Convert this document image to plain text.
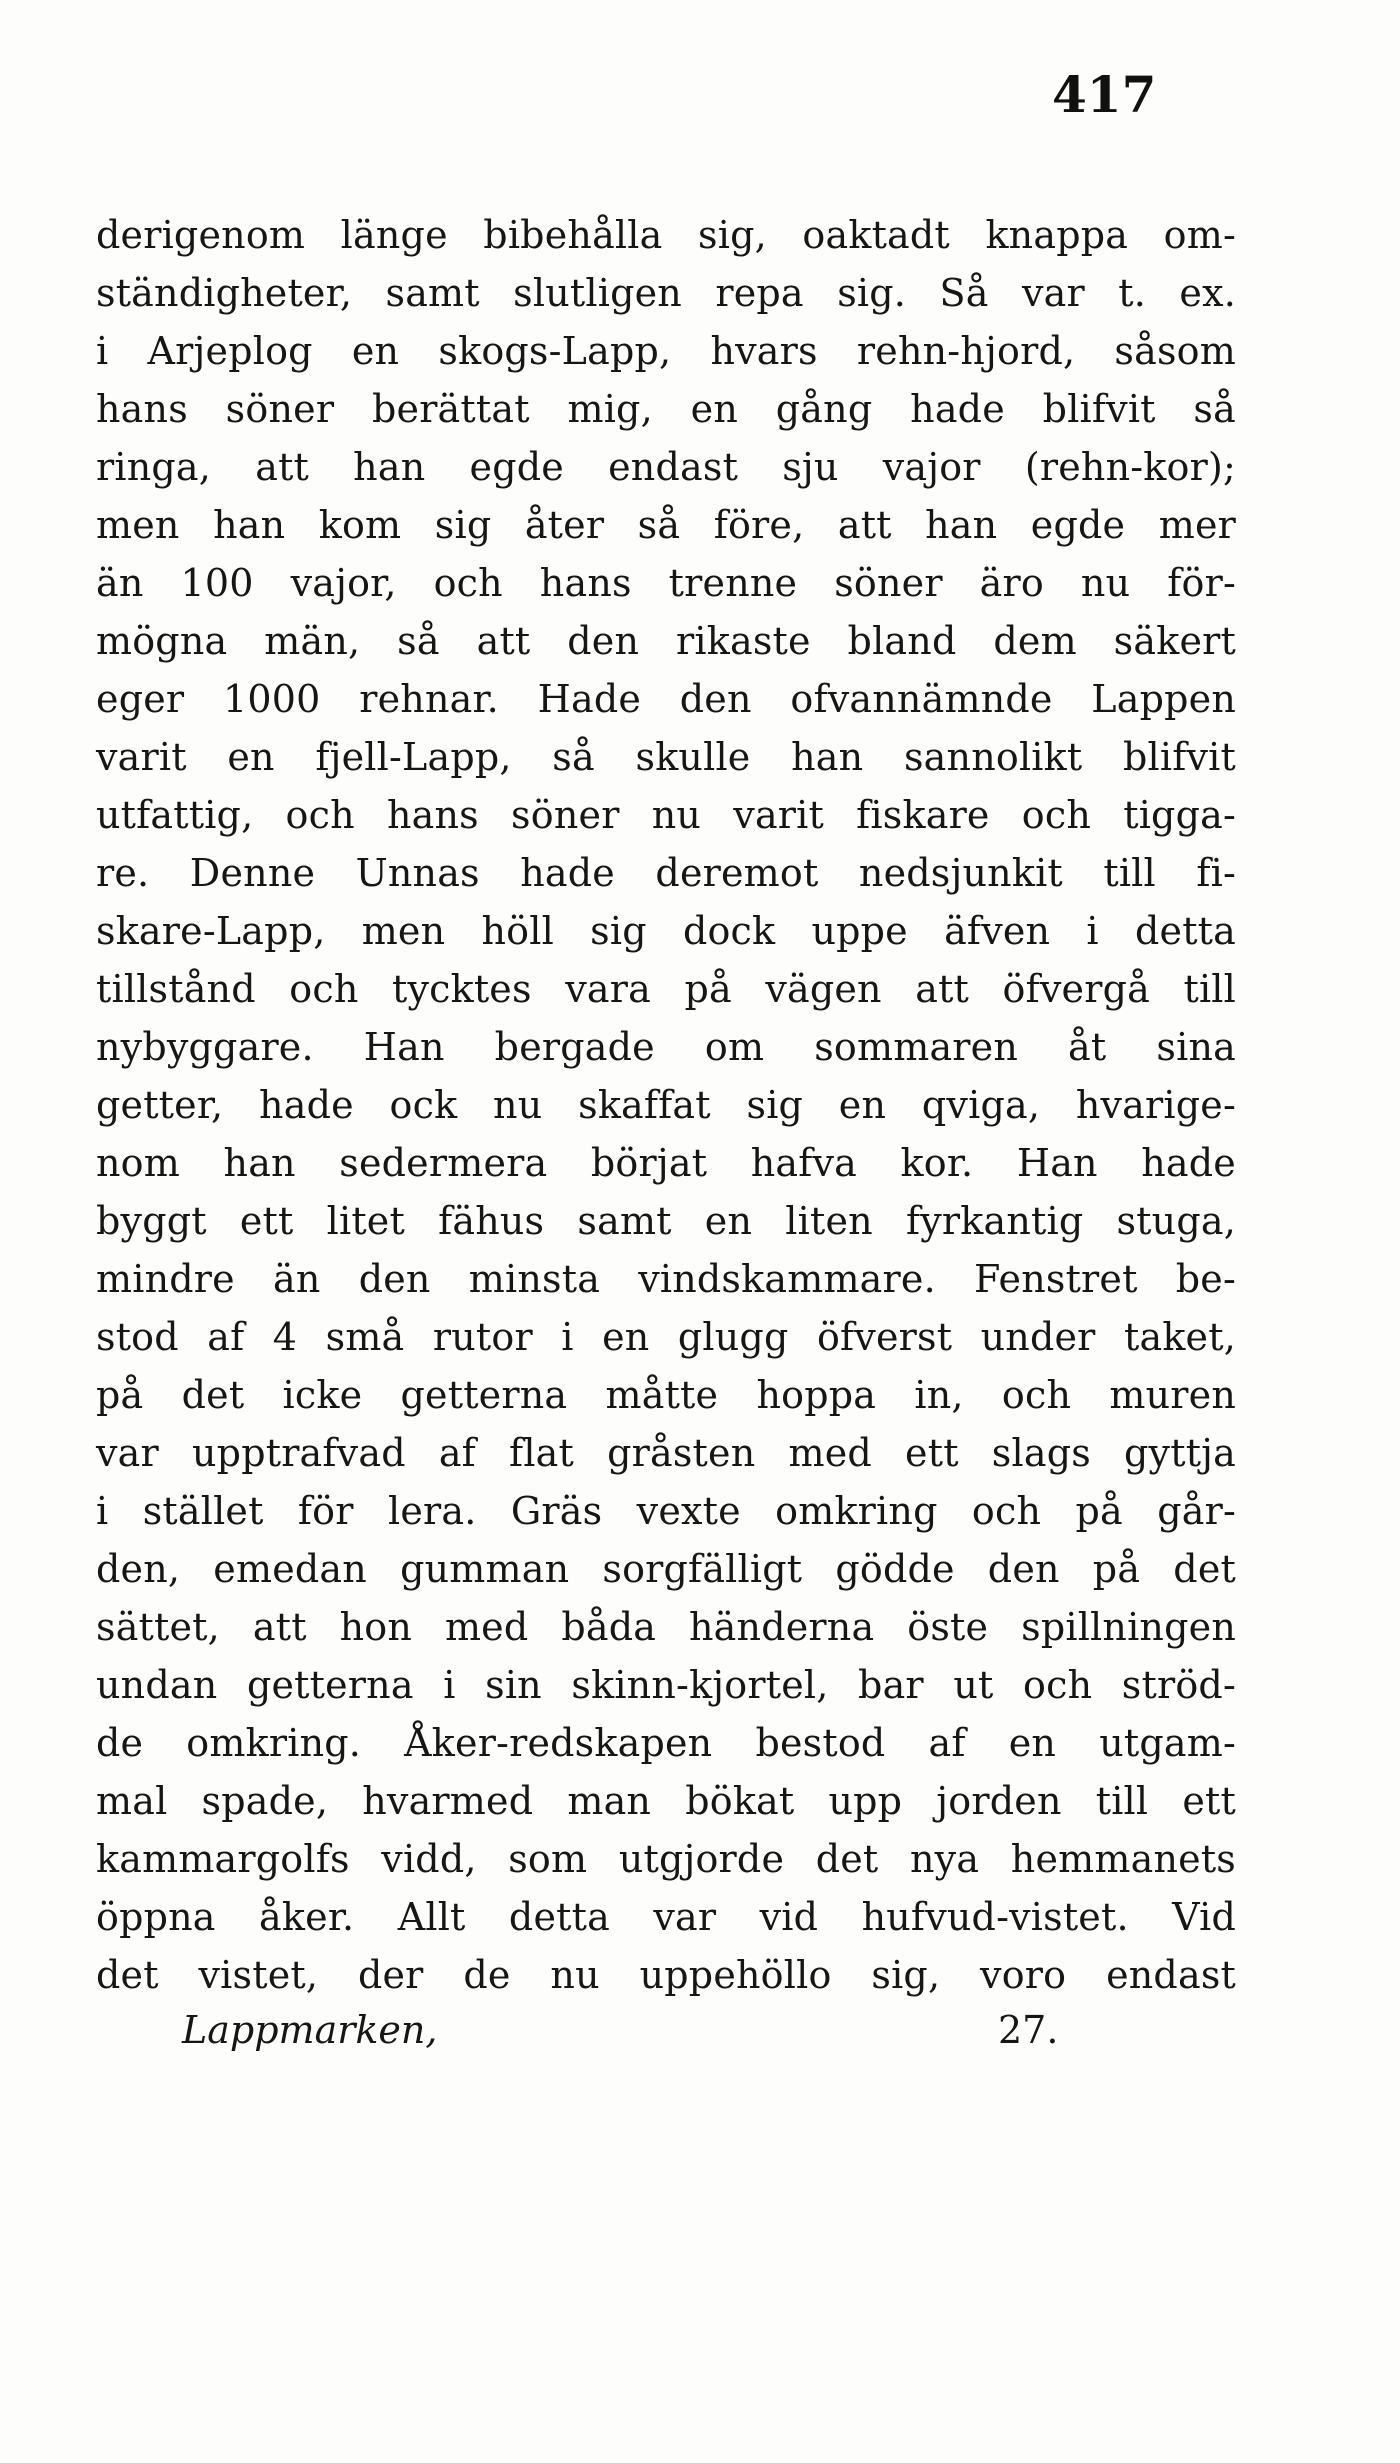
417
derigenom länge bibehålla sig, oaktadt knappa om-
ständigheter, samt slutligen repa sig. Så var t. ex.
i Arjeplog en skogs-Lapp, hvars rehn-hjord, såsom
hans söner berättat mig, en gång hade blifvit så
ringa, att han egde endast sju vajor (rehn-kor);
men han kom sig åter så före, att han egde mer
än 100 vajor, och hans trenne söner äro nu för-
mögna män, så att den rikaste bland dem säkert
eger 1000 rehnar. Hade den ofvannämnde Lappen
varit en fjell-Lapp, så skulle han sannolikt blifvit
utfattig, och hans söner nu varit fiskare och tigga-
re. Denne Unnas hade deremot nedsjunkit till fi-
skare-Lapp, men höll sig dock uppe äfven i detta
tillstånd och tycktes vara på vägen att öfvergå till
nybyggare. Han bergade om sommaren åt sina
getter, hade ock nu skaffat sig en qviga, hvarige-
nom han sedermera börjat hafva kor. Han hade
byggt ett litet fähus samt en liten fyrkantig stuga,
mindre än den minsta vindskammare. Fenstret be-
stod af 4 små rutor i en glugg öfverst under taket,
på det icke getterna måtte hoppa in, och muren
var upptrafvad af flat gråsten med ett slags gyttja
i stället för lera. Gräs vexte omkring och på går-
den, emedan gumman sorgfälligt gödde den på det
sättet, att hon med båda händerna öste spillningen
undan getterna i sin skinn-kjortel, bar ut och ströd-
de omkring. Åker-redskapen bestod af en utgam-
mal spade, hvarmed man bökat upp jorden till ett
kammargolfs vidd, som utgjorde det nya hemmanets
öppna åker. Allt detta var vid hufvud-vistet. Vid
det vistet, der de nu uppehöllo sig, voro endast
Lappmarken,	27.
